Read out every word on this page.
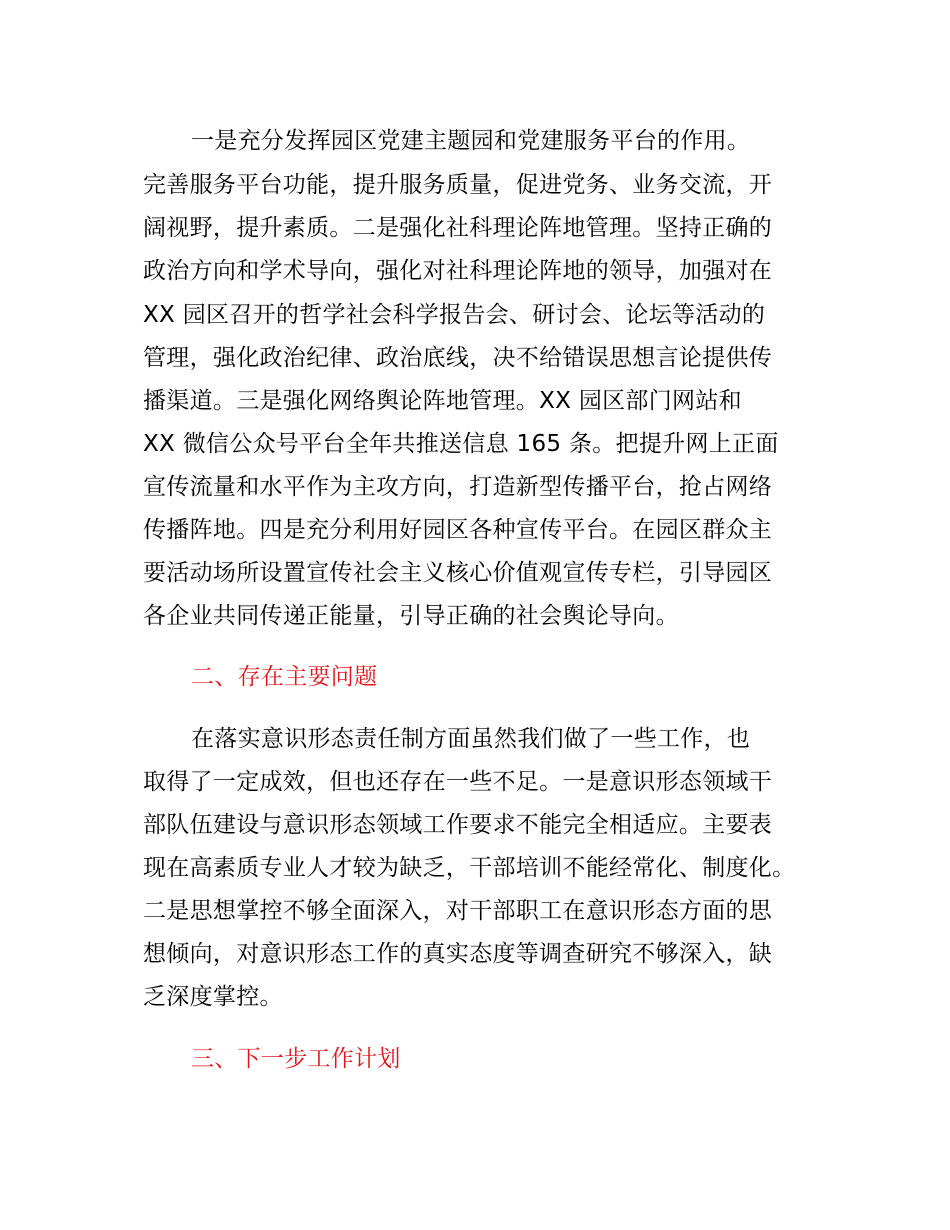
一是充分发挥园区党建主题园和党建服务平台的作用。
完善服务平台功能，提升服务质量，促进党务、业务交流，开
阔视野，提升素质。二是强化社科理论阵地管理。坚持正确的
政治方向和学术导向，强化对社科理论阵地的领导，加强对在
XX 园区召开的哲学社会科学报告会、研讨会、论坛等活动的
管理，强化政治纪律、政治底线，决不给错误思想言论提供传
播渠道。三是强化网络舆论阵地管理。XX 园区部门网站和
XX 微信公众号平台全年共推送信息 165 条。把提升网上正面
宣传流量和水平作为主攻方向，打造新型传播平台，抢占网络
传播阵地。四是充分利用好园区各种宣传平台。在园区群众主
要活动场所设置宣传社会主义核心价值观宣传专栏，引导园区
各企业共同传递正能量，引导正确的社会舆论导向。
二、存在主要问题
在落实意识形态责任制方面虽然我们做了一些工作，也
取得了一定成效，但也还存在一些不足。一是意识形态领域干
部队伍建设与意识形态领域工作要求不能完全相适应。主要表
现在高素质专业人才较为缺乏，干部培训不能经常化、制度化。
二是思想掌控不够全面深入，对干部职工在意识形态方面的思
想倾向，对意识形态工作的真实态度等调查研究不够深入，缺
乏深度掌控。
三、下一步工作计划
